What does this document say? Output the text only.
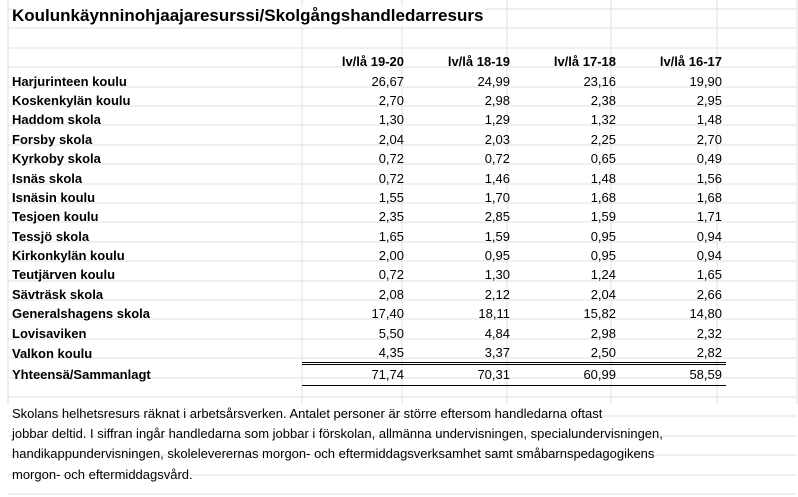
Koulunkäynninohjaajaresurssi/Skolgångshandledarresurs
	lv/lå 19-20	lv/lå 18-19	lv/lå 17-18	lv/lå 16-17
Harjurinteen koulu	26,67	24,99	23,16	19,90
Koskenkylän koulu	2,70	2,98	2,38	2,95
Haddom skola	1,30	1,29	1,32	1,48
Forsby skola	2,04	2,03	2,25	2,70
Kyrkoby skola	0,72	0,72	0,65	0,49
Isnäs skola	0,72	1,46	1,48	1,56
Isnäsin koulu	1,55	1,70	1,68	1,68
Tesjoen koulu	2,35	2,85	1,59	1,71
Tessjö skola	1,65	1,59	0,95	0,94
Kirkonkylän koulu	2,00	0,95	0,95	0,94
Teutjärven koulu	0,72	1,30	1,24	1,65
Sävträsk skola	2,08	2,12	2,04	2,66
Generalshagens skola	17,40	18,11	15,82	14,80
Lovisaviken	5,50	4,84	2,98	2,32
Valkon koulu	4,35	3,37	2,50	2,82
Yhteensä/Sammanlagt	71,74	70,31	60,99	58,59
Skolans helhetsresurs räknat i arbetsårsverken. Antalet personer är större eftersom handledarna oftast
jobbar deltid. I siffran ingår handledarna som jobbar i förskolan, allmänna undervisningen, specialundervisningen,
handikappundervisningen, skoleleverernas morgon- och eftermiddagsverksamhet samt småbarnspedagogikens
morgon- och eftermiddagsvård.
